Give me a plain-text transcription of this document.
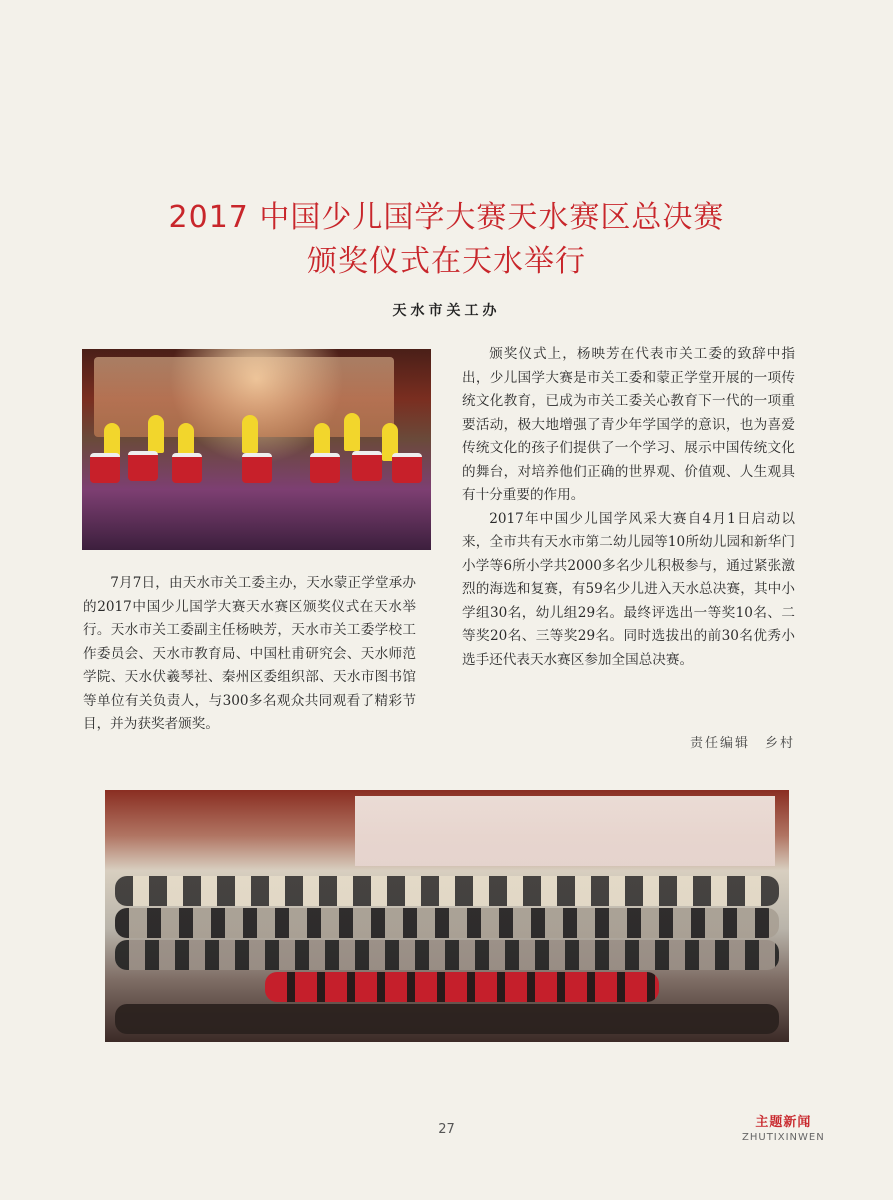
2017 中国少儿国学大赛天水赛区总决赛
颁奖仪式在天水举行
天水市关工办

7月7日，由天水市关工委主办，天水蒙正学堂承办的2017中国少儿国学大赛天水赛区颁奖仪式在天水举行。天水市关工委副主任杨映芳，天水市关工委学校工作委员会、天水市教育局、中国杜甫研究会、天水师范学院、天水伏羲琴社、秦州区委组织部、天水市图书馆等单位有关负责人，与300多名观众共同观看了精彩节目，并为获奖者颁奖。

颁奖仪式上，杨映芳在代表市关工委的致辞中指出，少儿国学大赛是市关工委和蒙正学堂开展的一项传统文化教育，已成为市关工委关心教育下一代的一项重要活动，极大地增强了青少年学国学的意识，也为喜爱传统文化的孩子们提供了一个学习、展示中国传统文化的舞台，对培养他们正确的世界观、价值观、人生观具有十分重要的作用。

2017年中国少儿国学风采大赛自4月1日启动以来，全市共有天水市第二幼儿园等10所幼儿园和新华门小学等6所小学共2000多名少儿积极参与，通过紧张激烈的海选和复赛，有59名少儿进入天水总决赛，其中小学组30名，幼儿组29名。最终评选出一等奖10名、二等奖20名、三等奖29名。同时选拔出的前30名优秀小选手还代表天水赛区参加全国总决赛。

责任编辑　乡村
27	主题新闻
ZHUTIXINWEN
